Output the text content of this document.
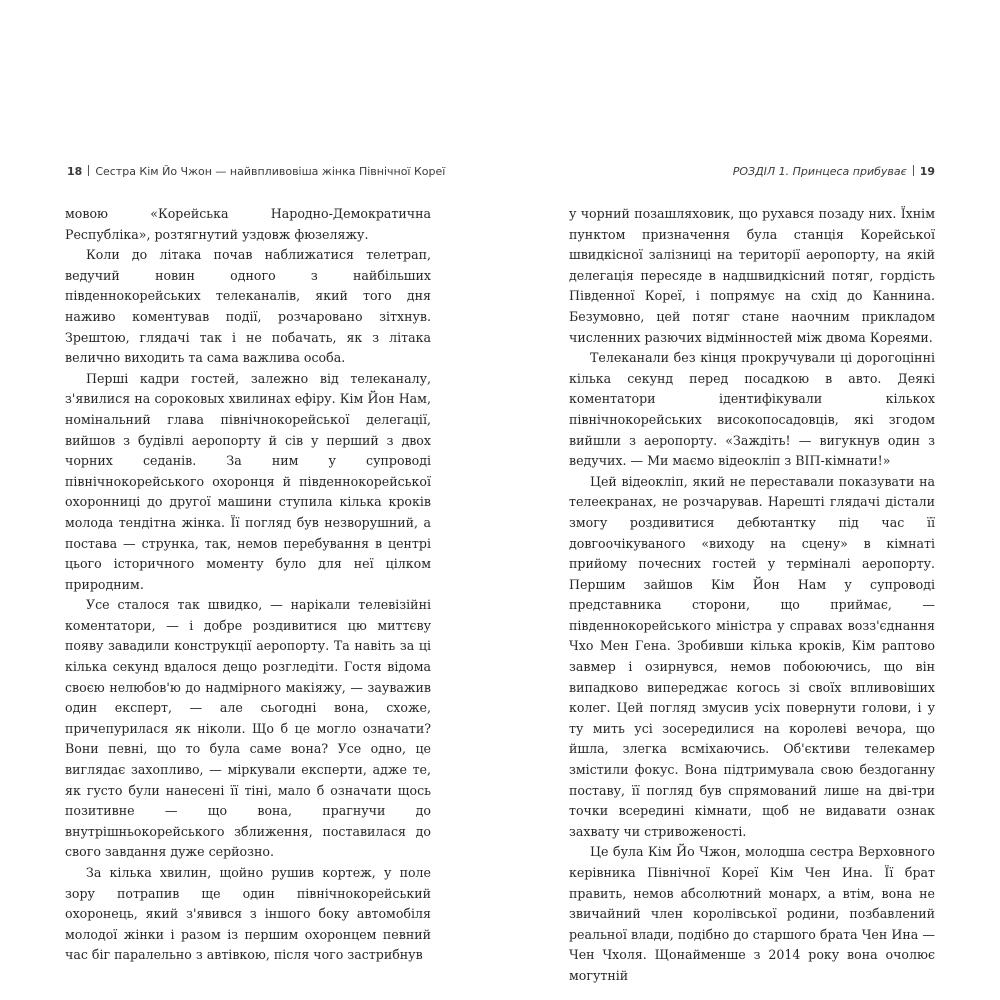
18 Сестра Кім Йо Чжон — найвпливовіша жінка Північної Кореї	РОЗДІЛ 1. Принцеса прибуває 19

мовою «Корейська Народно-Демократична Республіка», розтягнутий уздовж фюзеляжу.

Коли до літака почав наближатися телетрап, ведучий новин одного з найбільших південнокорейських телеканалів, який того дня наживо коментував події, розчаровано зітхнув. Зрештою, глядачі так і не побачать, як з літака велично виходить та сама важлива особа.

Перші кадри гостей, залежно від телеканалу, з'явилися на сороковых хвилинах ефіру. Кім Йон Нам, номінальний глава північнокорейської делегації, вийшов з будівлі аеропорту й сів у перший з двох чорних седанів. За ним у супроводі північнокорейського охоронця й південнокорейської охоронниці до другої машини ступила кілька кроків молода тендітна жінка. Її погляд був незворушний, а постава — струнка, так, немов перебування в центрі цього історичного моменту було для неї цілком природним.

Усе сталося так швидко, — нарікали телевізійні коментатори, — і добре роздивитися цю миттєву появу завадили конструкції аеропорту. Та навіть за ці кілька секунд вдалося дещо розгледіти. Гостя відома своєю нелюбов'ю до надмірного макіяжу, — зауважив один експерт, — але сьогодні вона, схоже, причепурилася як ніколи. Що б це могло означати? Вони певні, що то була саме вона? Усе одно, це виглядає захопливо, — міркували експерти, адже те, як густо були нанесені її тіні, мало б означати щось позитивне — що вона, прагнучи до внутрішньокорейського зближення, поставилася до свого завдання дуже серйозно.

За кілька хвилин, щойно рушив кортеж, у поле зору потрапив ще один північнокорейський охоронець, який з'явився з іншого боку автомобіля молодої жінки і разом із першим охоронцем певний час біг паралельно з автівкою, після чого застрибнув

у чорний позашляховик, що рухався позаду них. Їхнім пунктом призначення була станція Корейської швидкісної залізниці на території аеропорту, на якій делегація пересяде в надшвидкісний потяг, гордість Південної Кореї, і попрямує на схід до Каннина. Безумовно, цей потяг стане наочним прикладом численних разючих відмінностей між двома Кореями.

Телеканали без кінця прокручували ці дорогоцінні кілька секунд перед посадкою в авто. Деякі коментатори ідентифікували кількох північнокорейських високопосадовців, які згодом вийшли з аеропорту. «Заждіть! — вигукнув один з ведучих. — Ми маємо відеокліп з ВІП-кімнати!»

Цей відеокліп, який не переставали показувати на телеекранах, не розчарував. Нарешті глядачі дістали змогу роздивитися дебютантку під час її довгоочікуваного «виходу на сцену» в кімнаті прийому почесних гостей у терміналі аеропорту. Першим зайшов Кім Йон Нам у супроводі представника сторони, що приймає, — південнокорейського міністра у справах возз'єднання Чхо Мен Гена. Зробивши кілька кроків, Кім раптово завмер і озирнувся, немов побоюючись, що він випадково випереджає когось зі своїх впливовіших колег. Цей погляд змусив усіх повернути голови, і у ту мить усі зосередилися на королеві вечора, що йшла, злегка всміхаючись. Об'єктиви телекамер змістили фокус. Вона підтримувала свою бездоганну поставу, її погляд був спрямований лише на дві-три точки всередині кімнати, щоб не видавати ознак захвату чи стривоженості.

Це була Кім Йо Чжон, молодша сестра Верховного керівника Північної Кореї Кім Чен Ина. Її брат править, немов абсолютний монарх, а втім, вона не звичайний член королівської родини, позбавлений реальної влади, подібно до старшого брата Чен Ина — Чен Чхоля. Щонайменше з 2014 року вона очолює могутній
